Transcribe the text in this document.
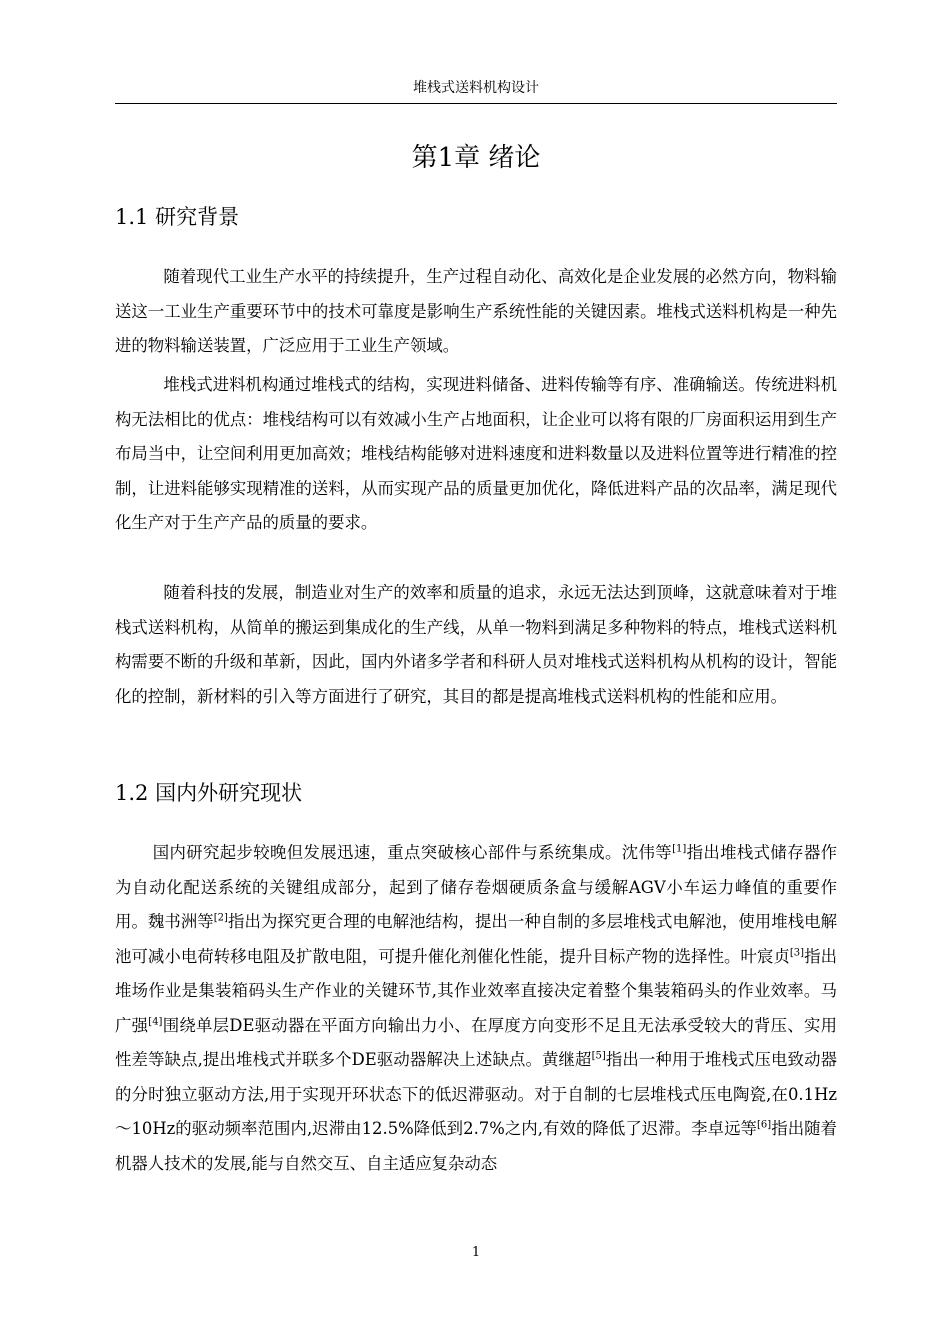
堆栈式送料机构设计
第1章 绪论
1.1 研究背景

随着现代工业生产水平的持续提升，生产过程自动化、高效化是企业发展的必然方向，物料输送这一工业生产重要环节中的技术可靠度是影响生产系统性能的关键因素。堆栈式送料机构是一种先进的物料输送装置，广泛应用于工业生产领域。

堆栈式进料机构通过堆栈式的结构，实现进料储备、进料传输等有序、准确输送。传统进料机构无法相比的优点：堆栈结构可以有效减小生产占地面积，让企业可以将有限的厂房面积运用到生产布局当中，让空间利用更加高效；堆栈结构能够对进料速度和进料数量以及进料位置等进行精准的控制，让进料能够实现精准的送料，从而实现产品的质量更加优化，降低进料产品的次品率，满足现代化生产对于生产产品的质量的要求。

随着科技的发展，制造业对生产的效率和质量的追求，永远无法达到顶峰，这就意味着对于堆栈式送料机构，从简单的搬运到集成化的生产线，从单一物料到满足多种物料的特点，堆栈式送料机构需要不断的升级和革新，因此，国内外诸多学者和科研人员对堆栈式送料机构从机构的设计，智能化的控制，新材料的引入等方面进行了研究，其目的都是提高堆栈式送料机构的性能和应用。

1.2 国内外研究现状

国内研究起步较晚但发展迅速，重点突破核心部件与系统集成。沈伟等[1]指出堆栈式储存器作为自动化配送系统的关键组成部分，起到了储存卷烟硬质条盒与缓解AGV小车运力峰值的重要作用。魏书洲等[2]指出为探究更合理的电解池结构，提出一种自制的多层堆栈式电解池，使用堆栈电解池可减小电荷转移电阻及扩散电阻，可提升催化剂催化性能，提升目标产物的选择性。叶宸贞[3]指出堆场作业是集装箱码头生产作业的关键环节,其作业效率直接决定着整个集装箱码头的作业效率。马广强[4]围绕单层DE驱动器在平面方向输出力小、在厚度方向变形不足且无法承受较大的背压、实用性差等缺点,提出堆栈式并联多个DE驱动器解决上述缺点。黄继超[5]指出一种用于堆栈式压电致动器的分时独立驱动方法,用于实现开环状态下的低迟滞驱动。对于自制的七层堆栈式压电陶瓷,在0.1Hz～10Hz的驱动频率范围内,迟滞由12.5%降低到2.7%之内,有效的降低了迟滞。李卓远等[6]指出随着机器人技术的发展,能与自然交互、自主适应复杂动态

1
